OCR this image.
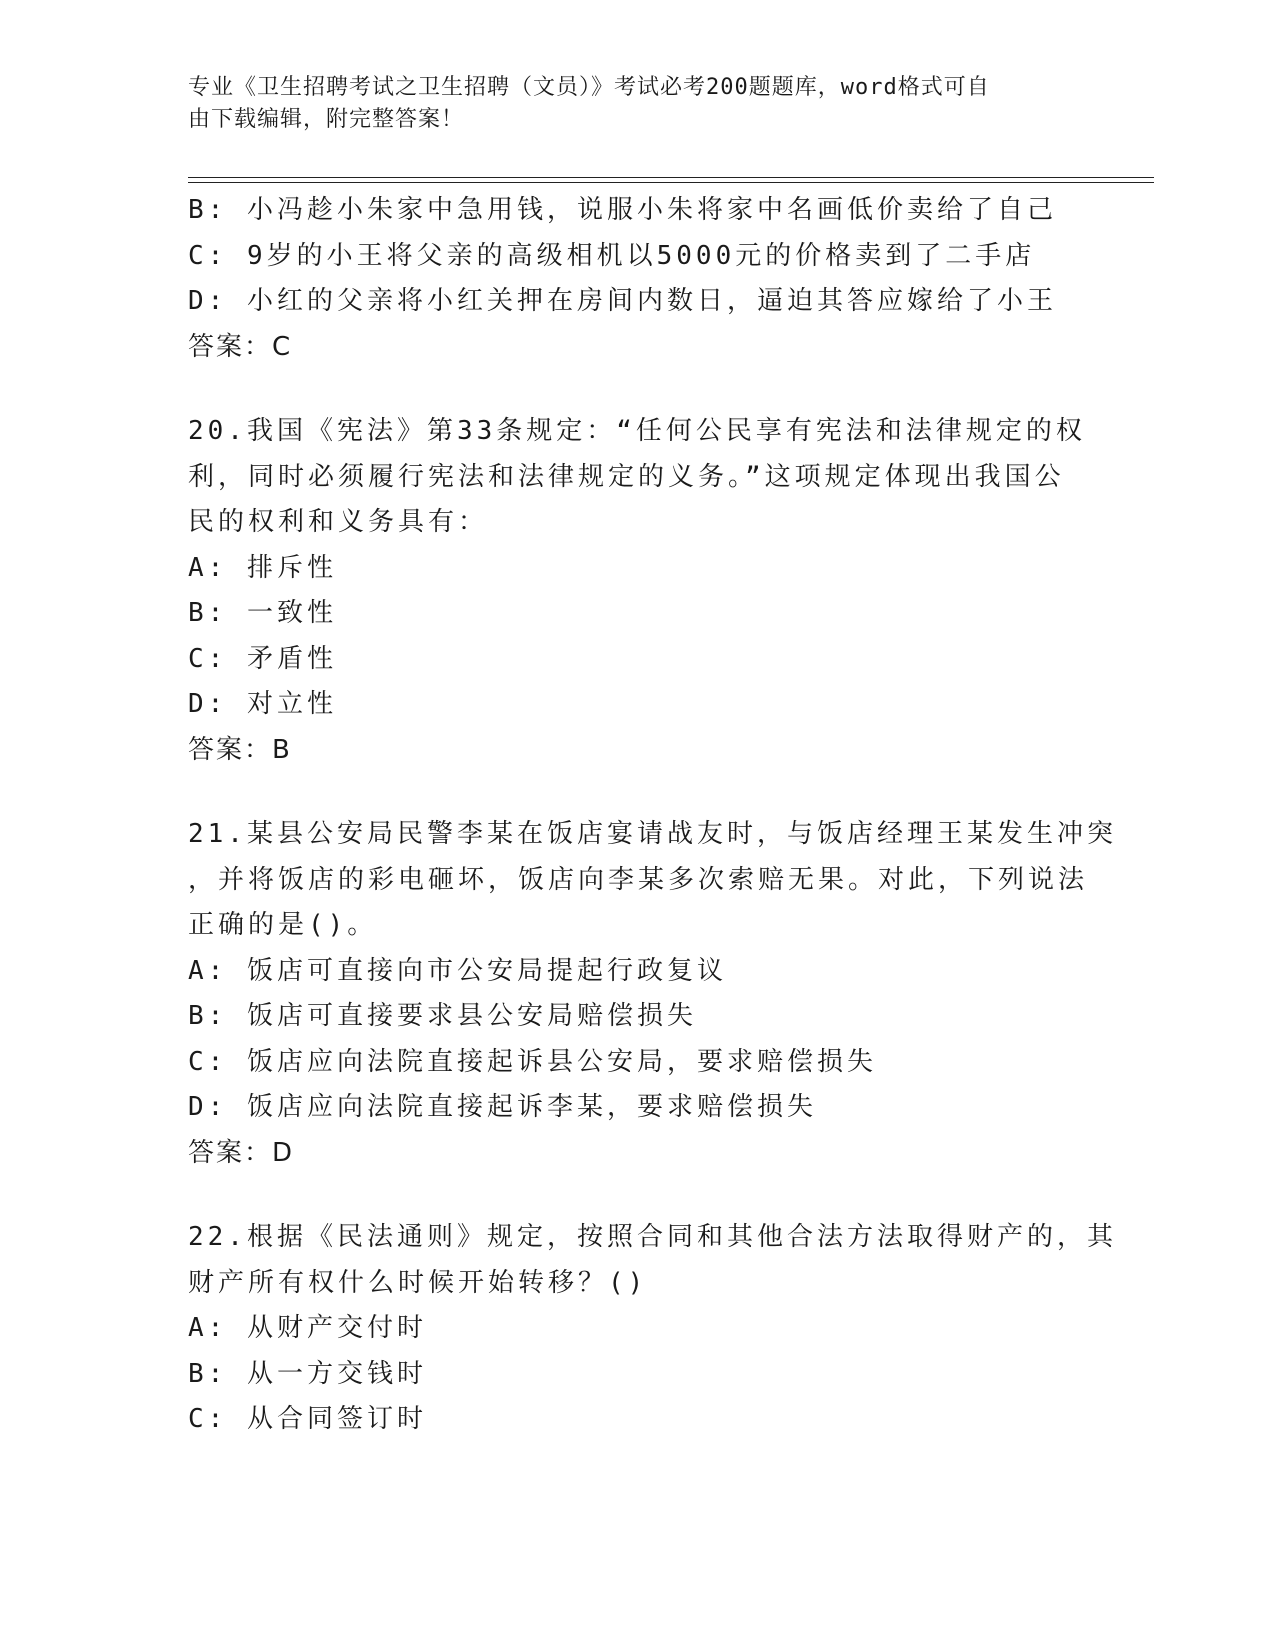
专业《卫生招聘考试之卫生招聘（文员）》考试必考200题题库，word格式可自
由下载编辑，附完整答案！
B: 小冯趁小朱家中急用钱，说服小朱将家中名画低价卖给了自己
C: 9岁的小王将父亲的高级相机以5000元的价格卖到了二手店
D: 小红的父亲将小红关押在房间内数日，逼迫其答应嫁给了小王
答案：C
20.我国《宪法》第33条规定：“任何公民享有宪法和法律规定的权
利，同时必须履行宪法和法律规定的义务。”这项规定体现出我国公
民的权利和义务具有：
A: 排斥性
B: 一致性
C: 矛盾性
D: 对立性
答案：B
21.某县公安局民警李某在饭店宴请战友时，与饭店经理王某发生冲突
，并将饭店的彩电砸坏，饭店向李某多次索赔无果。对此，下列说法
正确的是()。
A: 饭店可直接向市公安局提起行政复议
B: 饭店可直接要求县公安局赔偿损失
C: 饭店应向法院直接起诉县公安局，要求赔偿损失
D: 饭店应向法院直接起诉李某，要求赔偿损失
答案：D
22.根据《民法通则》规定，按照合同和其他合法方法取得财产的，其
财产所有权什么时候开始转移？()
A: 从财产交付时
B: 从一方交钱时
C: 从合同签订时
